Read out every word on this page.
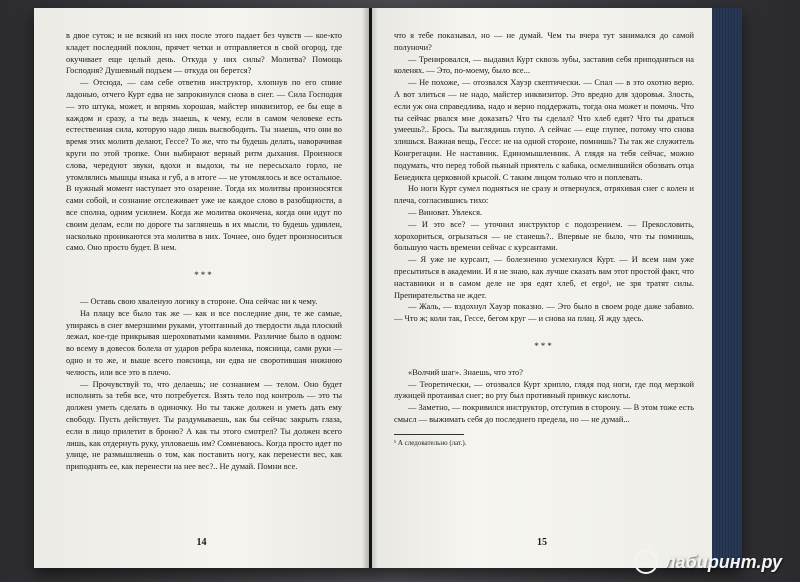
в двое суток; и не всякий из них после этого падает без чувств — кое-кто кладет последний поклон, прячет четки и отправляется в свой огород, где окучивает еще целый день. Откуда у них силы? Молитва? Помощь Господня? Душевный подъем — откуда он берется?

— Отсюда, — сам себе ответив инструктор, хлопнув по его спине ладонью, отчего Курт едва не запрокинулся снова в снег. — Сила Господня — это штука, может, и впрямь хорошая, майстер инквизитор, ее бы еще в каждом и сразу, а ты ведь знаешь, к чему, если в самом человеке есть естественная сила, которую надо лишь высвободить. Ты знаешь, что они во время этих молитв делают, Гессе? То же, что ты будешь делать, наворачивая круги по этой тропке. Они выбирают верный ритм дыхания. Произнося слова, чередуют звуки, вдохи и выдохи, ты не пересыхало горло, не утомлялись мышцы языка и губ, а в итоге — не утомлялось и все остальное. В нужный момент наступает это озарение. Тогда их молитвы произносятся сами собой, и сознание отслеживает уже не каждое слово в разобщности, а все сполна, одним усилием. Когда же молитва окончена, когда они идут по своим делам, если по дороге ты заглянешь в их мысли, то будешь удивлен, насколько проникаются эта молитва в них. Точнее, оно будет произноситься само. Оно просто будет. В нем.

***

— Оставь свою хваленую логику в стороне. Она сейчас ни к чему.

На плацу все было так же — как и все последние дни, те же самые, упираясь в снег вмерзшими руками, утоптанный до твердости льда плоский лежал, кое-где прикрывая шероховатыми камнями. Различие было в одном: во всему в довесок болела от ударов ребра коленка, поясница, сами руки — одно и то же, и выше всего поясница, ни едва не своротившая нижнюю челюсть, или все это в плечо.

— Прочувствуй то, что делаешь; не сознанием — телом. Оно будет исполнять за тебя все, что потребуется. Взять тело под контроль — это ты должен уметь сделать в одиночку. Но ты также должен и уметь дать ему свободу. Пусть действует. Ты раздумываешь, как бы сейчас закрыть глаза, если в лицо прилетит в броню? А как ты этого смотрел? Ты должен всего лишь, как отдернуть руку, упловаешь им? Сомневаюсь. Когда просто идет по улице, не размышляешь о том, как поставить ногу, как перенести вес, как приподнять ее, как перенести на нее вес?.. Не думай. Помни все.

14

что я тебе показывал, но — не думай. Чем ты вчера тут занимался до самой полуночи?

— Тренировался, — выдавил Курт сквозь зубы, заставив себя приподняться на коленях. — Это, по-моему, было все...

— Не похоже, — отозвался Хауэр скептически. — Спал — в это охотно верю. А вот злиться — не надо, майстер инквизитор. Это вредно для здоровья. Злость, если уж она справедлива, надо и верно поддержать, тогда она может и помочь. Что ты сейчас рвался мне доказать? Что ты сделал? Что хлеб едят? Что ты драться умеешь?.. Брось. Ты выглядишь глупо. А сейчас — еще глупее, потому что снова злишься. Важная вещь, Гессе: не на одной стороне, помнишь? Ты так же служитель Конгрегации. Не наставник. Единомышленник. А глядя на тебя сейчас, можно подумать, что перед тобой пьяный приятель с кабака, осмелившийся обозвать отца Бенедикта церковной крысой. С таким лицом только что и поплевать.

Но ноги Курт сумел подняться не сразу и отвернулся, отряхивая снег с колен и плеча, согласившись тихо:

— Виноват. Увлекся.

— И это все? — уточнил инструктор с подозрением. — Прекословить, хорохориться, огрызаться — не станешь?.. Впервые не было, что ты помнишь, большую часть времени сейчас с курсантами.

— Я уже не курсант, — болезненно усмехнулся Курт. — И всем нам уже пресытиться в академии. И я не знаю, как лучше сказать вам этот простой факт, что наставники и в самом деле не зря едят хлеб, et ergo¹, не зря тратят силы. Препирательства не ждет.

— Жаль, — вздохнул Хауэр показно. — Это было в своем роде даже забавно. — Что ж; коли так, Гессе, бегом круг — и снова на плац. Я жду здесь.

***

«Волчий шаг». Знаешь, что это?

— Теоретически, — отозвался Курт хрипло, глядя под ноги, где под мерзкой лужицей протаивал снег; во рту был противный привкус кислоты.

— Заметно, — покривился инструктор, отступив в сторону. — В этом тоже есть смысл — выжимать себя до последнего предела, но — не думай...

¹ А следовательно (лат.).

15
лабиринт.ру
